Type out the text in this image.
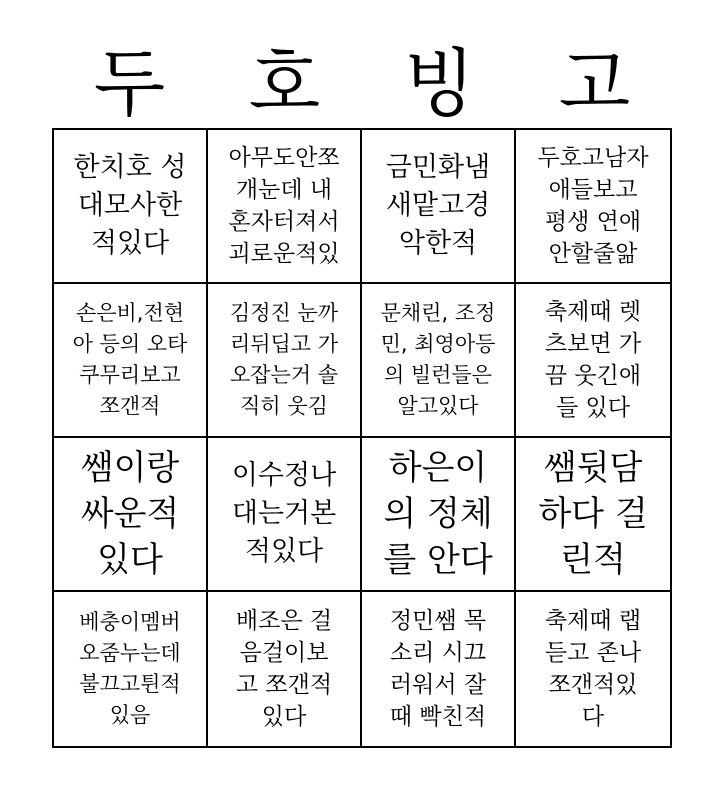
두	호	빙	고
한치호 성
대모사한
적있다
아무도안쪼
개눈데 내
혼자터져서
괴로운적있
금민화냄
새맡고경
악한적
두호고남자
애들보고
평생 연애
안할줄앎
손은비,전현
아 등의 오타
쿠무리보고
쪼갠적
김정진 눈까
리뒤딥고 가
오잡는거 솔
직히 웃김
문채린, 조정
민, 최영아등
의 빌런들은
알고있다
축제때 렛
츠보면 가
끔 웃긴애
들 있다
쌤이랑
싸운적
있다
이수정나
대는거본
적있다
하은이
의 정체
를 안다
쌤뒷담
하다 걸
린적
베충이멤버
오줌누는데
불끄고튄적
있음
배조은 걸
음걸이보
고 쪼갠적
있다
정민쌤 목
소리 시끄
러워서 잘
때 빡친적
축제때 랩
듣고 존나
쪼갠적있
다
